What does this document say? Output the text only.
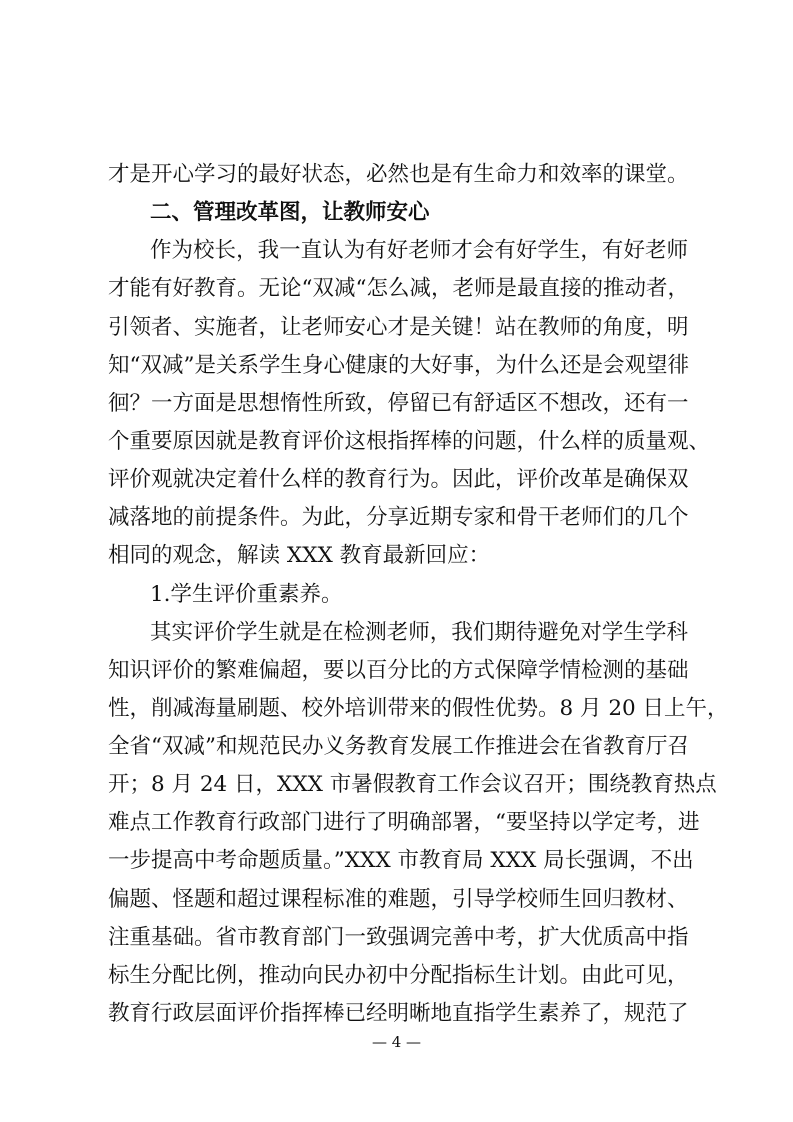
才是开心学习的最好状态，必然也是有生命力和效率的课堂。
二、管理改革图，让教师安心
作为校长，我一直认为有好老师才会有好学生，有好老师
才能有好教育。无论“双减“怎么减，老师是最直接的推动者，
引领者、实施者，让老师安心才是关键！站在教师的角度，明
知“双减”是关系学生身心健康的大好事，为什么还是会观望徘
徊？一方面是思想惰性所致，停留已有舒适区不想改，还有一
个重要原因就是教育评价这根指挥棒的问题，什么样的质量观、
评价观就决定着什么样的教育行为。因此，评价改革是确保双
减落地的前提条件。为此，分享近期专家和骨干老师们的几个
相同的观念，解读 XXX 教育最新回应：
1.学生评价重素养。
其实评价学生就是在检测老师，我们期待避免对学生学科
知识评价的繁难偏超，要以百分比的方式保障学情检测的基础
性，削减海量刷题、校外培训带来的假性优势。8 月 20 日上午，
全省“双减”和规范民办义务教育发展工作推进会在省教育厅召
开；8 月 24 日，XXX 市暑假教育工作会议召开；围绕教育热点
难点工作教育行政部门进行了明确部署，“要坚持以学定考，进
一步提高中考命题质量。”XXX 市教育局 XXX 局长强调，不出
偏题、怪题和超过课程标准的难题，引导学校师生回归教材、
注重基础。省市教育部门一致强调完善中考，扩大优质高中指
标生分配比例，推动向民办初中分配指标生计划。由此可见，
教育行政层面评价指挥棒已经明晰地直指学生素养了，规范了
— 4 —
